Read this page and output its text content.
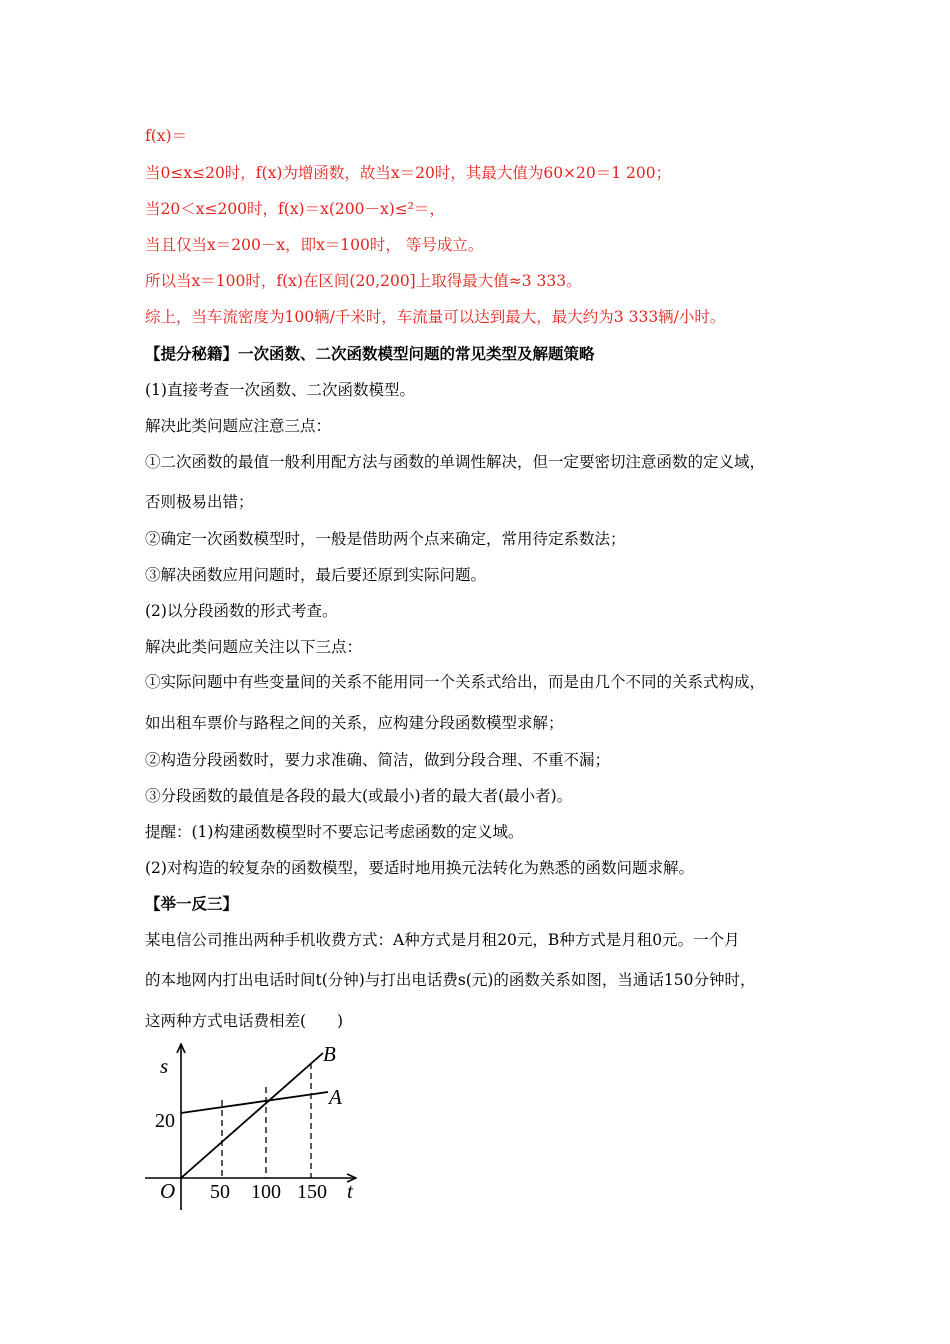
f(x)＝
当0≤x≤20时，f(x)为增函数，故当x＝20时，其最大值为60×20＝1 200；
当20＜x≤200时，f(x)＝x(200－x)≤²＝，
当且仅当x＝200－x，即x＝100时， 等号成立。
所以当x＝100时，f(x)在区间(20,200]上取得最大值≈3 333。
综上，当车流密度为100辆/千米时，车流量可以达到最大，最大约为3 333辆/小时。
【提分秘籍】一次函数、二次函数模型问题的常见类型及解题策略
(1)直接考查一次函数、二次函数模型。
解决此类问题应注意三点：
①二次函数的最值一般利用配方法与函数的单调性解决，但一定要密切注意函数的定义域，
否则极易出错；
②确定一次函数模型时，一般是借助两个点来确定，常用待定系数法；
③解决函数应用问题时，最后要还原到实际问题。
(2)以分段函数的形式考查。
解决此类问题应关注以下三点：
①实际问题中有些变量间的关系不能用同一个关系式给出，而是由几个不同的关系式构成，
如出租车票价与路程之间的关系，应构建分段函数模型求解；
②构造分段函数时，要力求准确、简洁，做到分段合理、不重不漏；
③分段函数的最值是各段的最大(或最小)者的最大者(最小者)。
提醒：(1)构建函数模型时不要忘记考虑函数的定义域。
(2)对构造的较复杂的函数模型，要适时地用换元法转化为熟悉的函数问题求解。
【举一反三】
某电信公司推出两种手机收费方式：A种方式是月租20元，B种方式是月租0元。一个月
的本地网内打出电话时间t(分钟)与打出电话费s(元)的函数关系如图，当通话150分钟时，
这两种方式电话费相差(　　)
s
t
O
20
50 100 150
A
B
